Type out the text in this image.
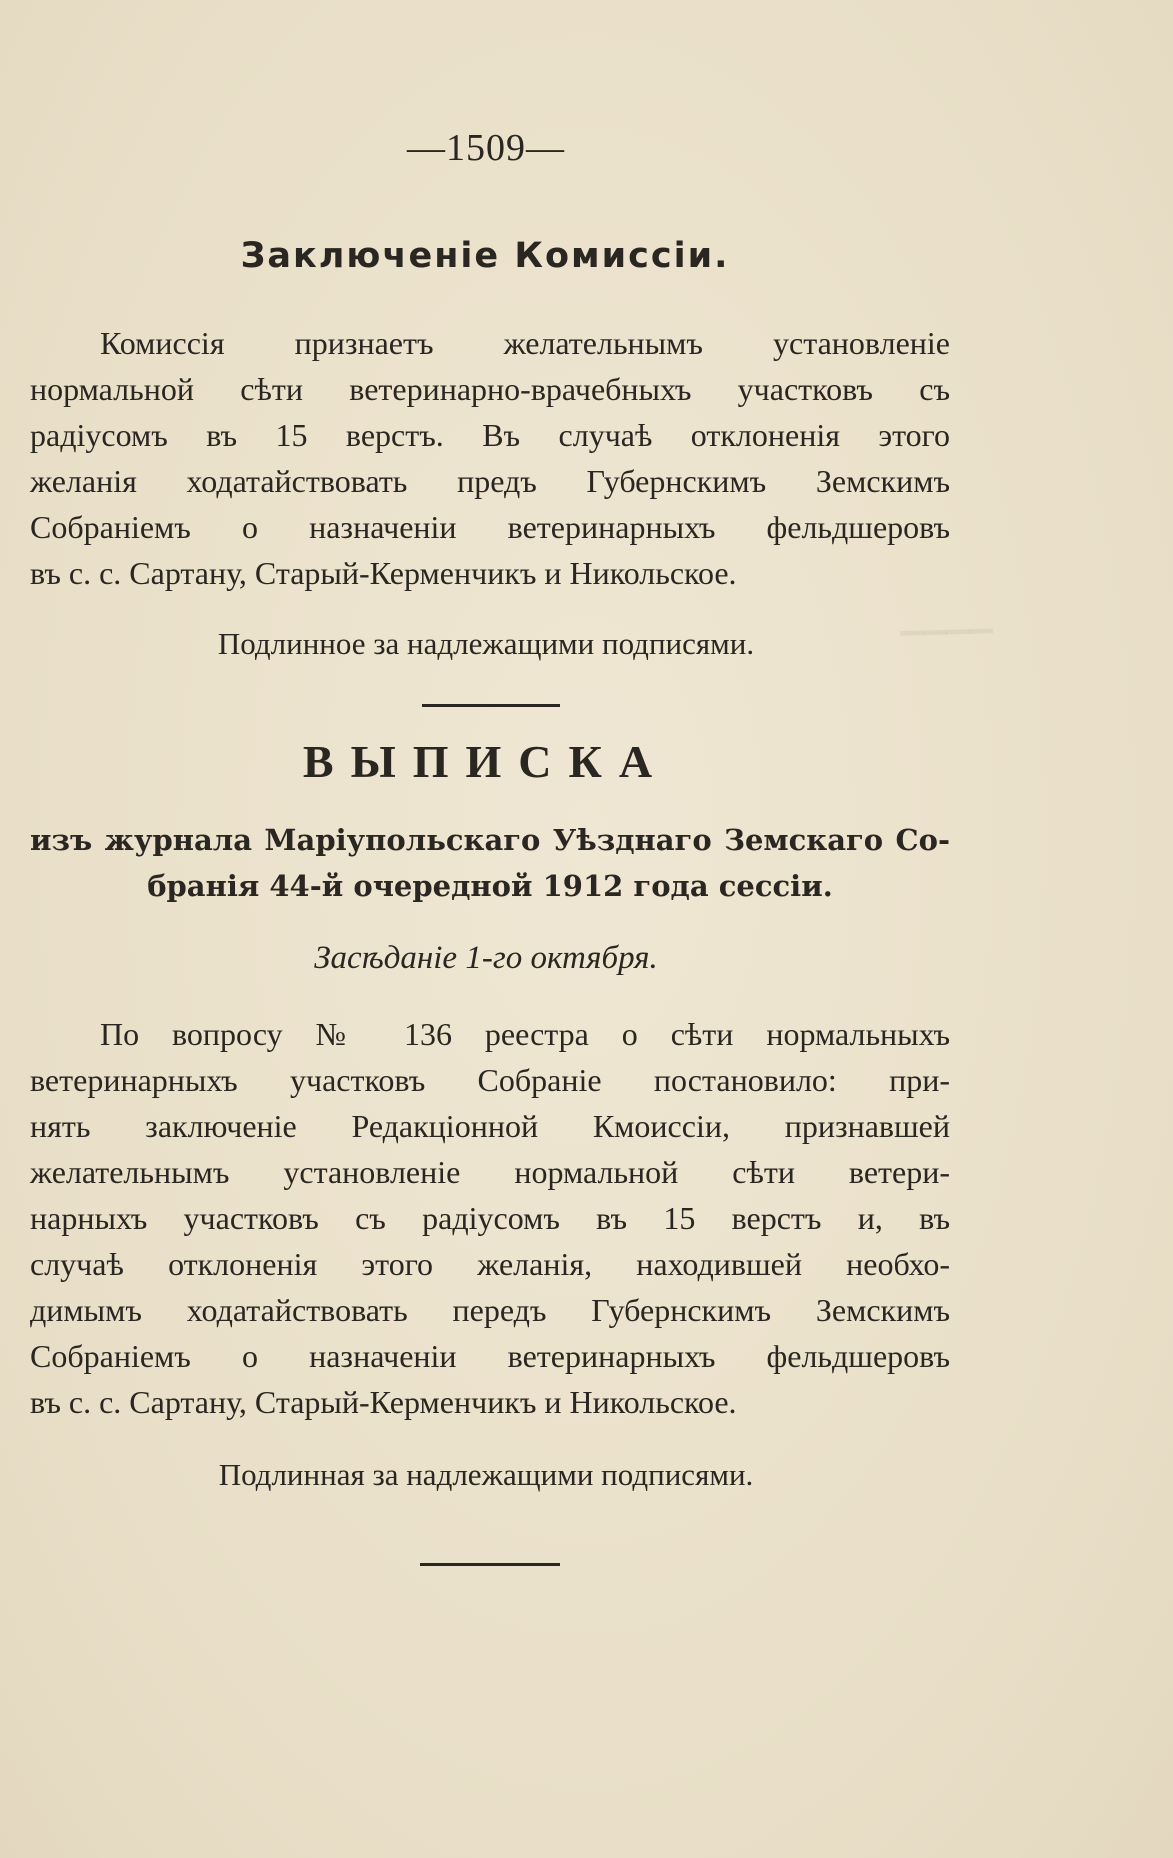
▁▁▁▁
—1509—
Заключеніе Комиссіи.
Комиссія признаетъ желательнымъ установленіе
нормальной сѣти ветеринарно-врачебныхъ участковъ съ
радіусомъ въ 15 верстъ. Въ случаѣ отклоненія этого
желанія ходатайствовать предъ Губернскимъ Земскимъ
Собраніемъ о назначеніи ветеринарныхъ фельдшеровъ
въ с. с. Сартану, Старый-Керменчикъ и Никольское.
Подлинное за надлежащими подписями.
ВЫПИСКА
изъ журнала Маріупольскаго Уѣзднаго Земскаго Со-
бранія 44-й очередной 1912 года сессіи.
Засѣданіе 1-го октября.
По вопросу № 136 реестра о сѣти нормальныхъ
ветеринарныхъ участковъ Собраніе постановило: при-
нять заключеніе Редакціонной Кмоиссіи, признавшей
желательнымъ установленіе нормальной сѣти ветери-
нарныхъ участковъ съ радіусомъ въ 15 верстъ и, въ
случаѣ отклоненія этого желанія, находившей необхо-
димымъ ходатайствовать передъ Губернскимъ Земскимъ
Собраніемъ о назначеніи ветеринарныхъ фельдшеровъ
въ с. с. Сартану, Старый-Керменчикъ и Никольское.
Подлинная за надлежащими подписями.
